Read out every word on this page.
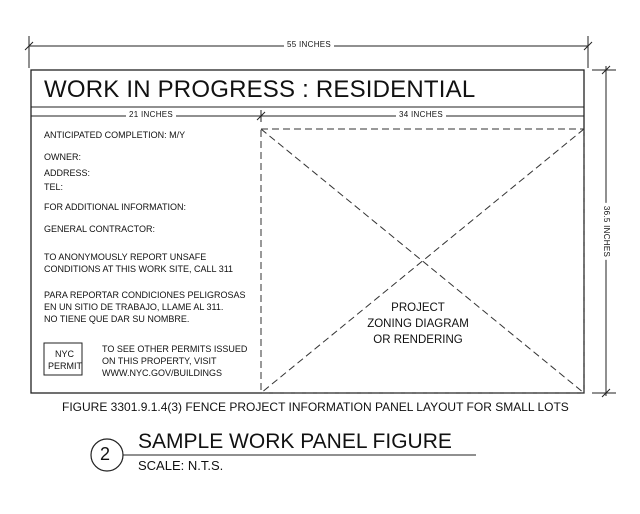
55 INCHES
21 INCHES	34 INCHES
36.5 INCHES
WORK IN PROGRESS : RESIDENTIAL
ANTICIPATED COMPLETION: M/Y
OWNER:
ADDRESS:
TEL:
FOR ADDITIONAL INFORMATION:
GENERAL CONTRACTOR:
TO ANONYMOUSLY REPORT UNSAFE
CONDITIONS AT THIS WORK SITE, CALL 311
PARA REPORTAR CONDICIONES PELIGROSAS
EN UN SITIO DE TRABAJO, LLAME AL 311.
NO TIENE QUE DAR SU NOMBRE.
NYC
PERMIT
TO SEE OTHER PERMITS ISSUED
ON THIS PROPERTY, VISIT
WWW.NYC.GOV/BUILDINGS
PROJECT
ZONING DIAGRAM
OR RENDERING
FIGURE 3301.9.1.4(3) FENCE PROJECT INFORMATION PANEL LAYOUT FOR SMALL LOTS
2
SAMPLE WORK PANEL FIGURE
SCALE: N.T.S.
